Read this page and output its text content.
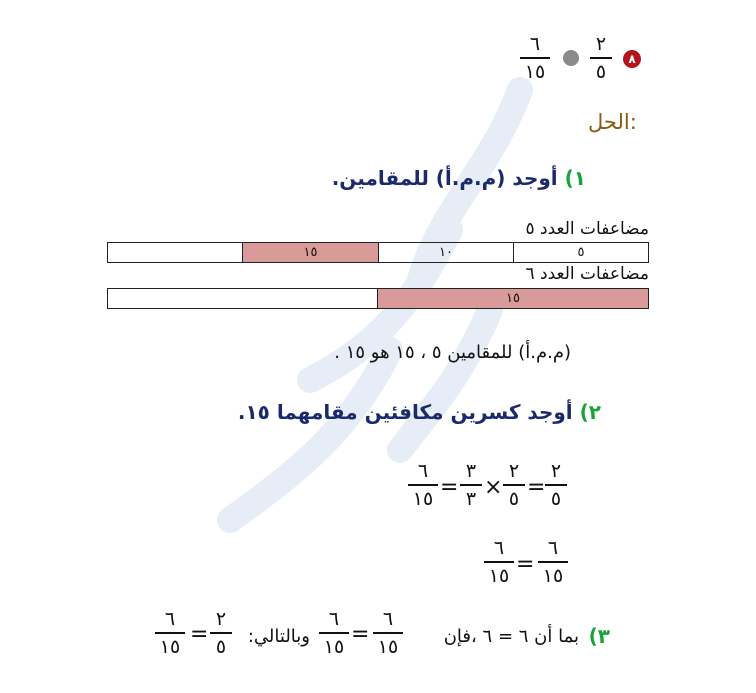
٨
٢
٥
٦
١٥
الحل:
١) أوجد (م.م.أ) للمقامين.
مضاعفات العدد ٥
٥
١٠
١٥
مضاعفات العدد ٦
١٥
(م.م.أ) للمقامين ٥ ، ١٥ هو ١٥ .
٢) أوجد كسرين مكافئين مقامهما ١٥.
٢
٥
=
٢
٥
×
٣
٣
=
٦
١٥
٦
١٥
=
٦
١٥
٣)
بما أن ٦ = ٦ ،فإن
٦
١٥
=
٦
١٥
وبالتالي:
٢
٥
=
٦
١٥
